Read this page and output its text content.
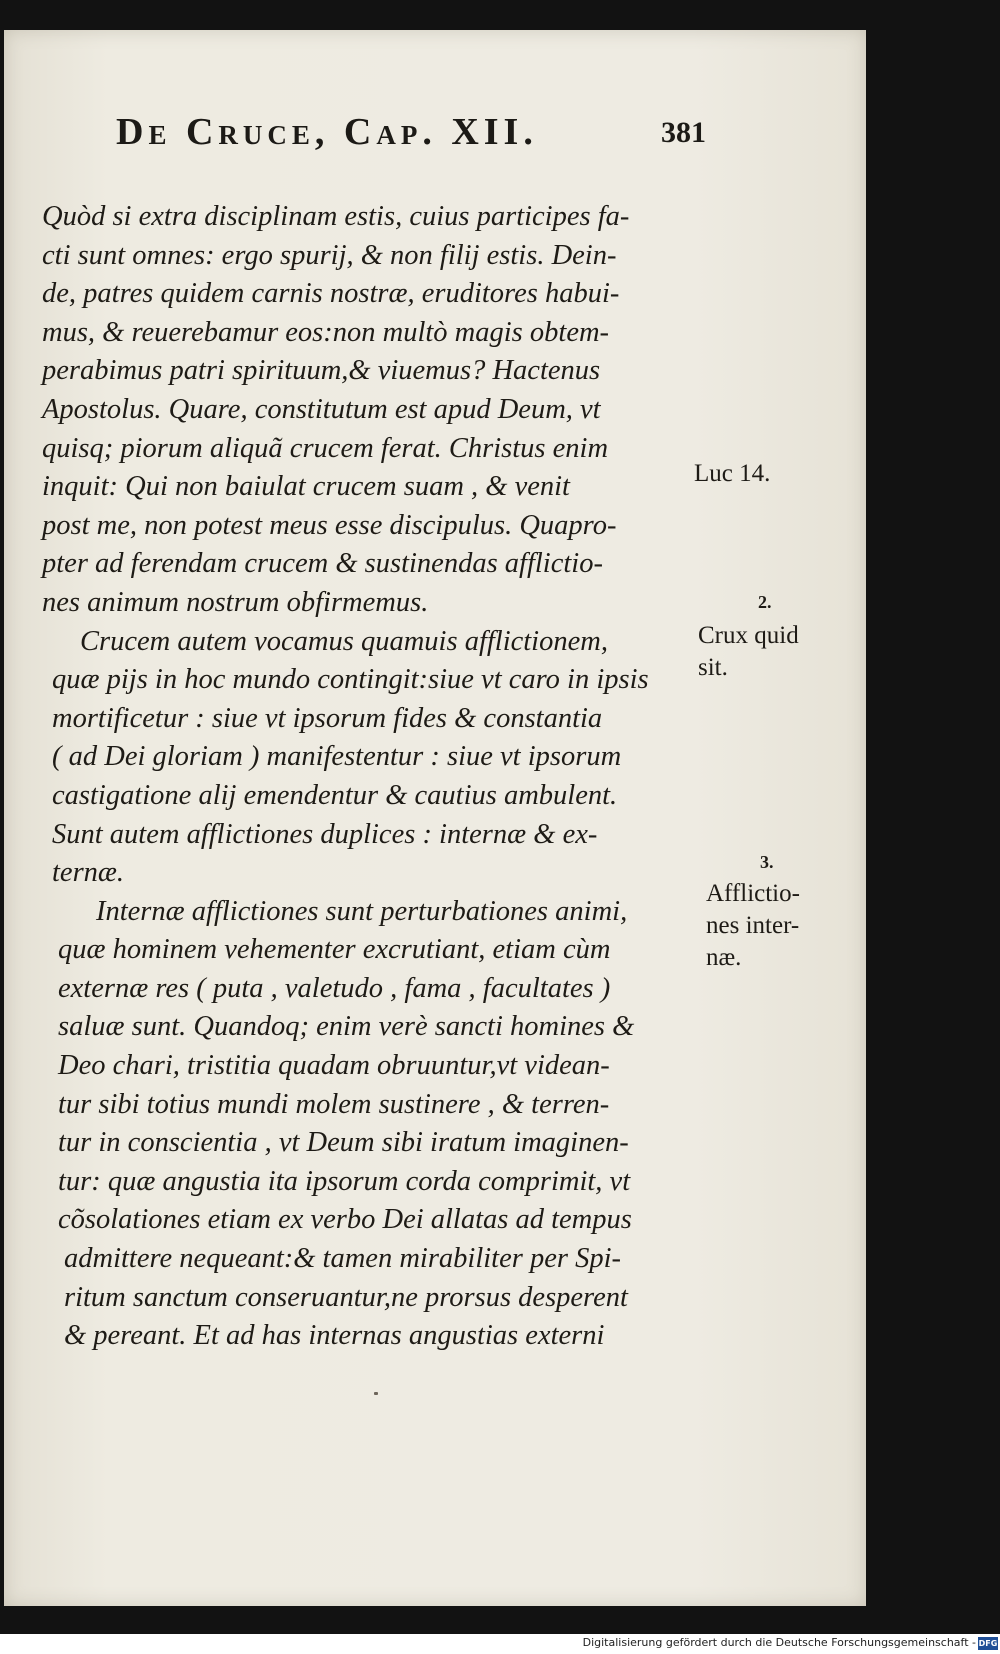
De Cruce, Cap. XII.	381
Quòd si extra disciplinam estis, cuius participes fa-
cti sunt omnes: ergo spurij, & non filij estis. Dein-
de, patres quidem carnis nostræ, eruditores habui-
mus, & reuerebamur eos:non multò magis obtem-
perabimus patri spirituum,& viuemus? Hactenus
Apostolus. Quare, constitutum est apud Deum, vt
quisq; piorum aliquã crucem ferat. Christus enim
inquit: Qui non baiulat crucem suam , & venit
post me, non potest meus esse discipulus. Quapro-
pter ad ferendam crucem & sustinendas afflictio-
nes animum nostrum obfirmemus.
Crucem autem vocamus quamuis afflictionem,
quæ pijs in hoc mundo contingit:siue vt caro in ipsis
mortificetur : siue vt ipsorum fides & constantia
( ad Dei gloriam ) manifestentur : siue vt ipsorum
castigatione alij emendentur & cautius ambulent.
Sunt autem afflictiones duplices : internæ & ex-
ternæ.
Internæ afflictiones sunt perturbationes animi,
quæ hominem vehementer excrutiant, etiam cùm
externæ res ( puta , valetudo , fama , facultates )
saluæ sunt. Quandoq; enim verè sancti homines &
Deo chari, tristitia quadam obruuntur,vt videan-
tur sibi totius mundi molem sustinere , & terren-
tur in conscientia , vt Deum sibi iratum imaginen-
tur: quæ angustia ita ipsorum corda comprimit, vt
cõsolationes etiam ex verbo Dei allatas ad tempus
admittere nequeant:& tamen mirabiliter per Spi-
ritum sanctum conseruantur,ne prorsus desperent
& pereant. Et ad has internas angustias externi
Luc 14.
2.
Crux quid
sit.
3.
Afflictio-
nes inter-
næ.
Digitalisierung gefördert durch die Deutsche Forschungsgemeinschaft - DFG
